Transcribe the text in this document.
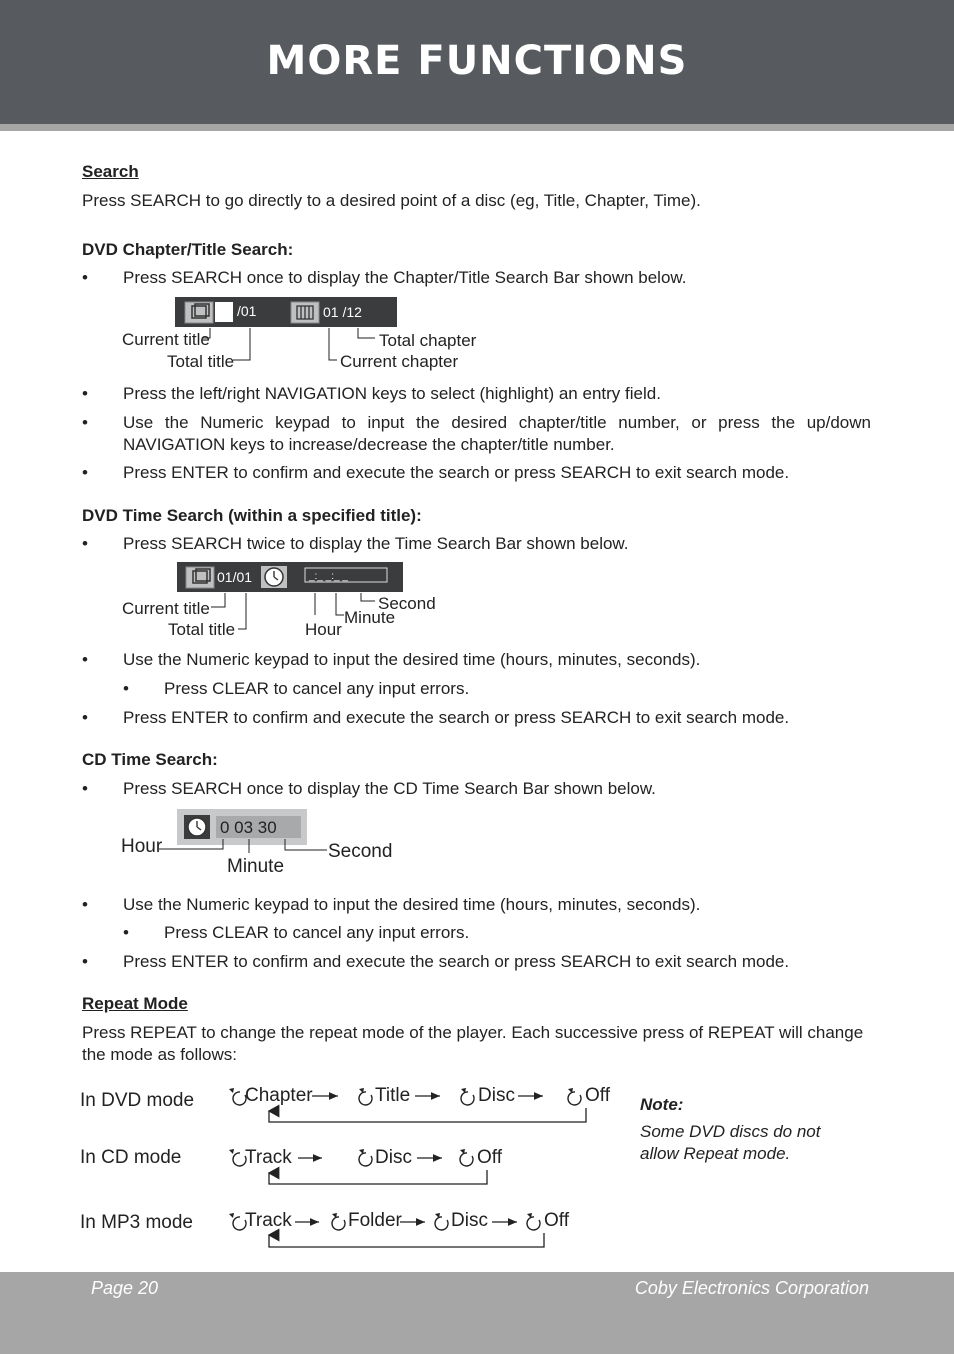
MORE FUNCTIONS
Search
Press SEARCH to go directly to a desired point of a disc (eg, Title, Chapter, Time).
DVD Chapter/Title Search:
• Press SEARCH once to display the Chapter/Title Search Bar shown below.
/01	01 /12
Current title
Total title
Total chapter
Current chapter
• Press the left/right NAVIGATION keys to select (highlight) an entry field.
• Use the Numeric keypad to input the desired chapter/title number, or press the up/down NAVIGATION keys to increase/decrease the chapter/title number.
• Press ENTER to confirm and execute the search or press SEARCH to exit search mode.
DVD Time Search (within a specified title):
• Press SEARCH twice to display the Time Search Bar shown below.
01/01	_:_ _:_ _
Current title
Total title	Hour
Minute
Second
• Use the Numeric keypad to input the desired time (hours, minutes, seconds).
• Press CLEAR to cancel any input errors.
• Press ENTER to confirm and execute the search or press SEARCH to exit search mode.
CD Time Search:
• Press SEARCH once to display the CD Time Search Bar shown below.
0 03 30
Hour
Minute
Second
• Use the Numeric keypad to input the desired time (hours, minutes, seconds).
• Press CLEAR to cancel any input errors.
• Press ENTER to confirm and execute the search or press SEARCH to exit search mode.
Repeat Mode
Press REPEAT to change the repeat mode of the player. Each successive press of REPEAT will change the mode as follows:
In DVD mode
In CD mode
In MP3 mode
Chapter	Title	Disc	Off
Track	Disc	Off
Track	Folder	Disc	Off
Note:
Some DVD discs do not allow Repeat mode.
Page 20	Coby Electronics Corporation
